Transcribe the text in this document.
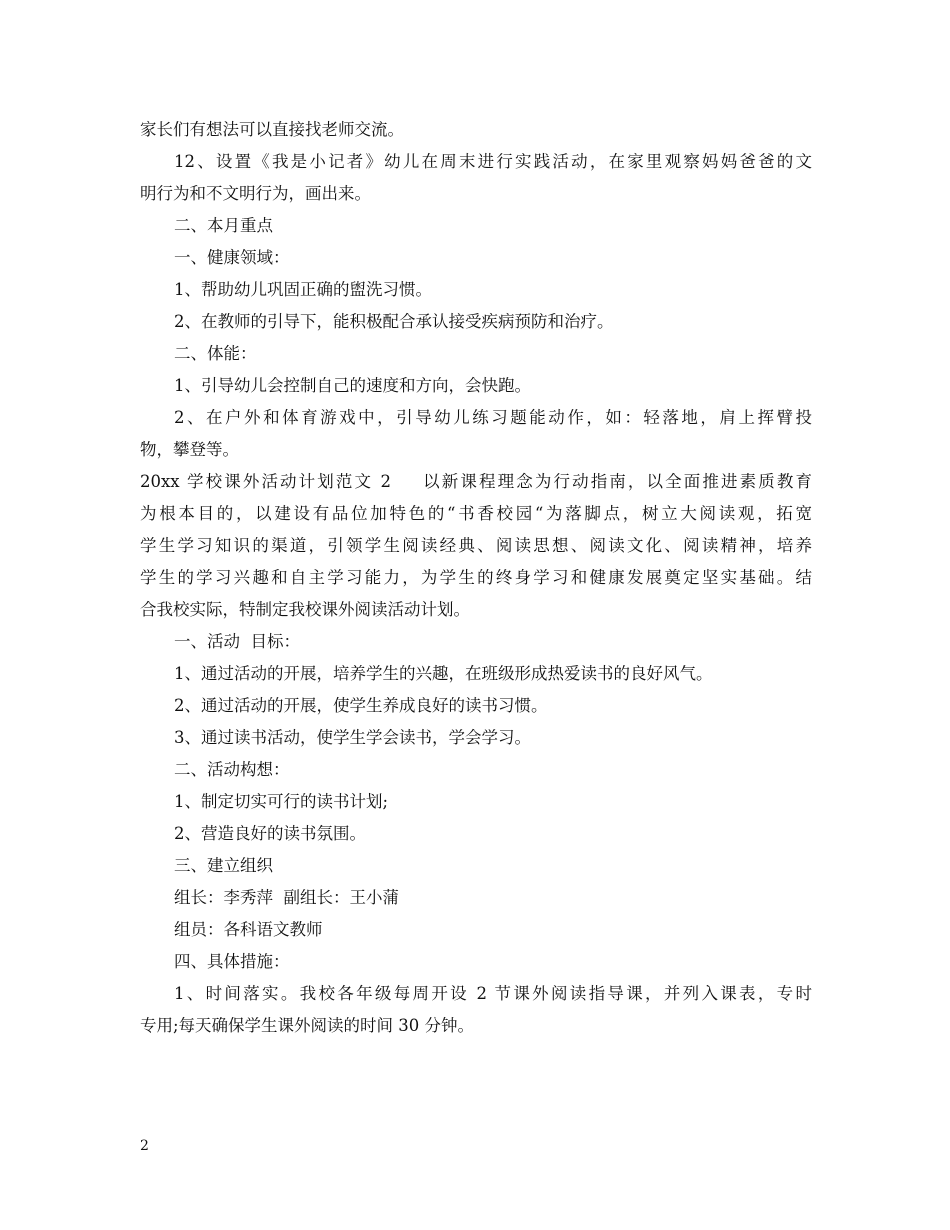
家长们有想法可以直接找老师交流。
12、设置《我是小记者》幼儿在周末进行实践活动，在家里观察妈妈爸爸的文
明行为和不文明行为，画出来。
二、本月重点
一、健康领域：
1、帮助幼儿巩固正确的盥洗习惯。
2、在教师的引导下，能积极配合承认接受疾病预防和治疗。
二、体能：
1、引导幼儿会控制自己的速度和方向，会快跑。
2、在户外和体育游戏中，引导幼儿练习题能动作，如：轻落地，肩上挥臂投
物，攀登等。
20xx 学校课外活动计划范文 2 以新课程理念为行动指南，以全面推进素质教育
为根本目的，以建设有品位加特色的“书香校园“为落脚点，树立大阅读观，拓宽
学生学习知识的渠道，引领学生阅读经典、阅读思想、阅读文化、阅读精神，培养
学生的学习兴趣和自主学习能力，为学生的终身学习和健康发展奠定坚实基础。结
合我校实际，特制定我校课外阅读活动计划。
一、活动  目标：
1、通过活动的开展，培养学生的兴趣，在班级形成热爱读书的良好风气。
2、通过活动的开展，使学生养成良好的读书习惯。
3、通过读书活动，使学生学会读书，学会学习。
二、活动构想：
1、制定切实可行的读书计划;
2、营造良好的读书氛围。
三、建立组织
组长：李秀萍  副组长：王小蒲
组员：各科语文教师
四、具体措施：
1、时间落实。我校各年级每周开设 2 节课外阅读指导课，并列入课表，专时
专用;每天确保学生课外阅读的时间 30 分钟。
2
